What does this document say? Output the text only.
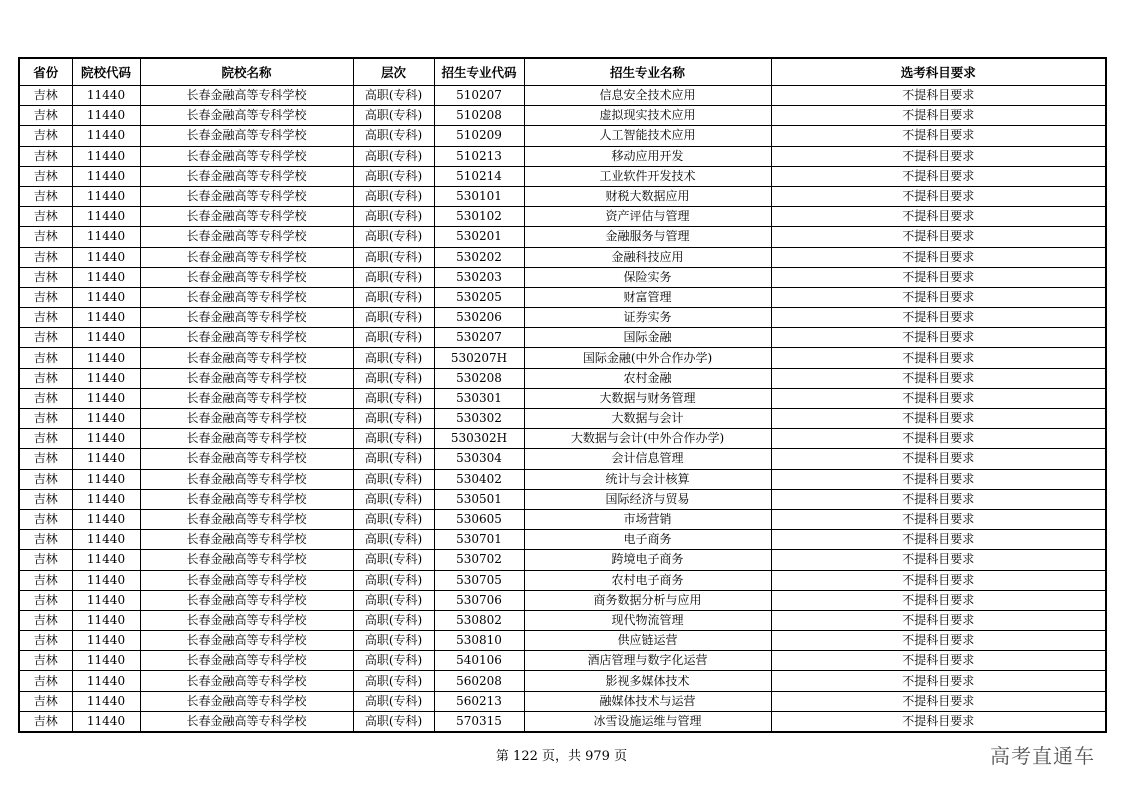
省份	院校代码	院校名称	层次	招生专业代码	招生专业名称	选考科目要求
吉林	11440	长春金融高等专科学校	高职(专科)	510207	信息安全技术应用	不提科目要求
吉林	11440	长春金融高等专科学校	高职(专科)	510208	虚拟现实技术应用	不提科目要求
吉林	11440	长春金融高等专科学校	高职(专科)	510209	人工智能技术应用	不提科目要求
吉林	11440	长春金融高等专科学校	高职(专科)	510213	移动应用开发	不提科目要求
吉林	11440	长春金融高等专科学校	高职(专科)	510214	工业软件开发技术	不提科目要求
吉林	11440	长春金融高等专科学校	高职(专科)	530101	财税大数据应用	不提科目要求
吉林	11440	长春金融高等专科学校	高职(专科)	530102	资产评估与管理	不提科目要求
吉林	11440	长春金融高等专科学校	高职(专科)	530201	金融服务与管理	不提科目要求
吉林	11440	长春金融高等专科学校	高职(专科)	530202	金融科技应用	不提科目要求
吉林	11440	长春金融高等专科学校	高职(专科)	530203	保险实务	不提科目要求
吉林	11440	长春金融高等专科学校	高职(专科)	530205	财富管理	不提科目要求
吉林	11440	长春金融高等专科学校	高职(专科)	530206	证券实务	不提科目要求
吉林	11440	长春金融高等专科学校	高职(专科)	530207	国际金融	不提科目要求
吉林	11440	长春金融高等专科学校	高职(专科)	530207H	国际金融(中外合作办学)	不提科目要求
吉林	11440	长春金融高等专科学校	高职(专科)	530208	农村金融	不提科目要求
吉林	11440	长春金融高等专科学校	高职(专科)	530301	大数据与财务管理	不提科目要求
吉林	11440	长春金融高等专科学校	高职(专科)	530302	大数据与会计	不提科目要求
吉林	11440	长春金融高等专科学校	高职(专科)	530302H	大数据与会计(中外合作办学)	不提科目要求
吉林	11440	长春金融高等专科学校	高职(专科)	530304	会计信息管理	不提科目要求
吉林	11440	长春金融高等专科学校	高职(专科)	530402	统计与会计核算	不提科目要求
吉林	11440	长春金融高等专科学校	高职(专科)	530501	国际经济与贸易	不提科目要求
吉林	11440	长春金融高等专科学校	高职(专科)	530605	市场营销	不提科目要求
吉林	11440	长春金融高等专科学校	高职(专科)	530701	电子商务	不提科目要求
吉林	11440	长春金融高等专科学校	高职(专科)	530702	跨境电子商务	不提科目要求
吉林	11440	长春金融高等专科学校	高职(专科)	530705	农村电子商务	不提科目要求
吉林	11440	长春金融高等专科学校	高职(专科)	530706	商务数据分析与应用	不提科目要求
吉林	11440	长春金融高等专科学校	高职(专科)	530802	现代物流管理	不提科目要求
吉林	11440	长春金融高等专科学校	高职(专科)	530810	供应链运营	不提科目要求
吉林	11440	长春金融高等专科学校	高职(专科)	540106	酒店管理与数字化运营	不提科目要求
吉林	11440	长春金融高等专科学校	高职(专科)	560208	影视多媒体技术	不提科目要求
吉林	11440	长春金融高等专科学校	高职(专科)	560213	融媒体技术与运营	不提科目要求
吉林	11440	长春金融高等专科学校	高职(专科)	570315	冰雪设施运维与管理	不提科目要求
第 122 页，共 979 页	高考直通车
